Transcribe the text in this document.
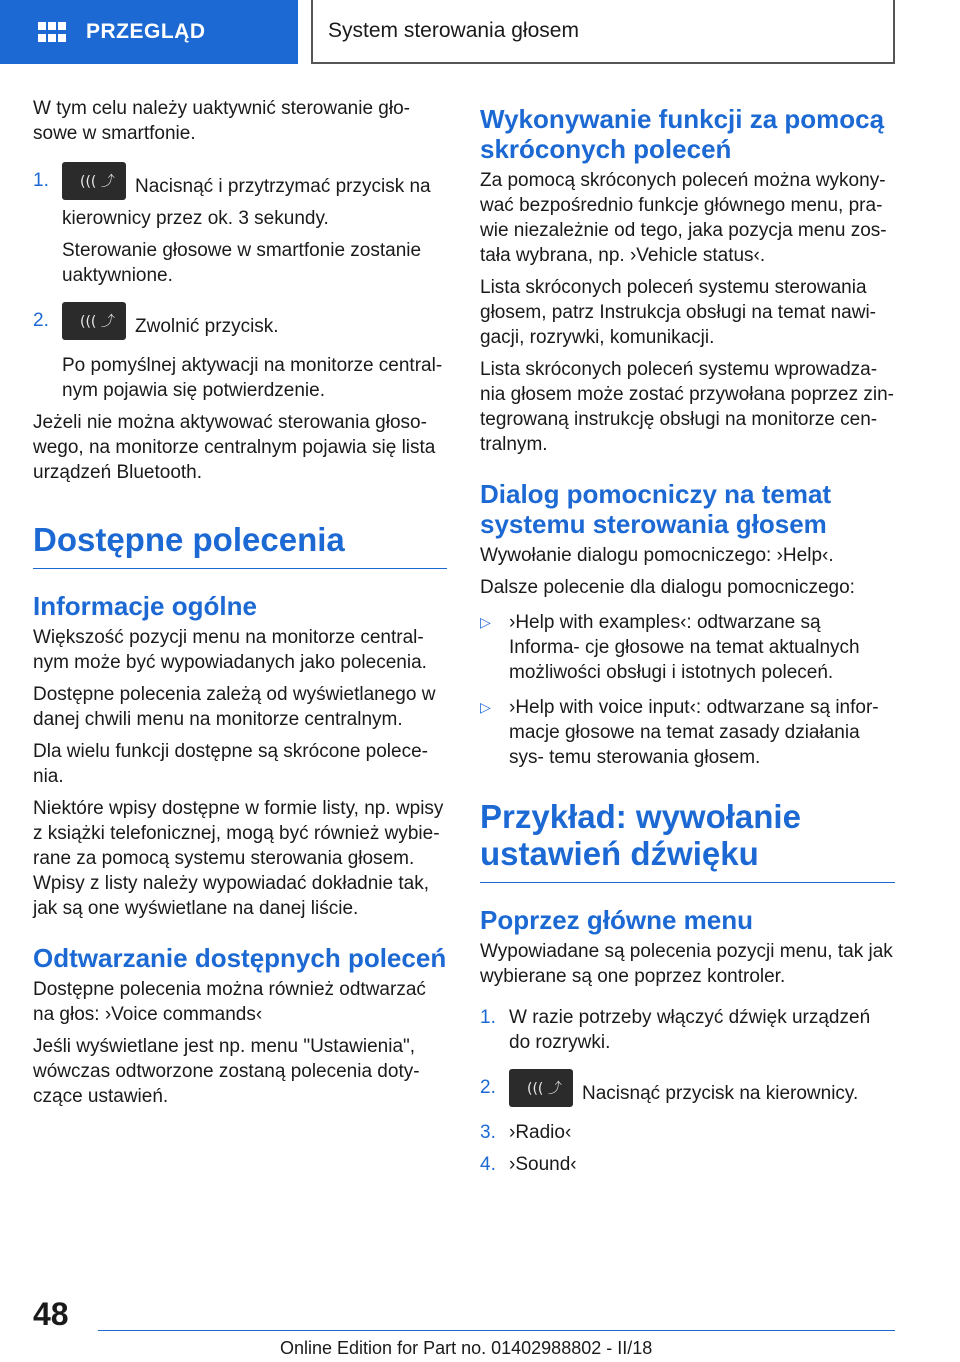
PRZEGLĄD	System sterowania głosem

W tym celu należy uaktywnić sterowanie gło- sowe w smartfonie.

1. ((( ⤴ Nacisnąć i przytrzymać przycisk na kierownicy przez ok. 3 sekundy.
Sterowanie głosowe w smartfonie zostanie uaktywnione.
2. ((( ⤴ Zwolnić przycisk.
Po pomyślnej aktywacji na monitorze central- nym pojawia się potwierdzenie.

Jeżeli nie można aktywować sterowania głoso- wego, na monitorze centralnym pojawia się lista urządzeń Bluetooth.

Dostępne polecenia
Informacje ogólne

Większość pozycji menu na monitorze central- nym może być wypowiadanych jako polecenia.

Dostępne polecenia zależą od wyświetlanego w danej chwili menu na monitorze centralnym.

Dla wielu funkcji dostępne są skrócone polece- nia.

Niektóre wpisy dostępne w formie listy, np. wpisy z książki telefonicznej, mogą być również wybie- rane za pomocą systemu sterowania głosem. Wpisy z listy należy wypowiadać dokładnie tak, jak są one wyświetlane na danej liście.

Odtwarzanie dostępnych poleceń

Dostępne polecenia można również odtwarzać na głos: ›Voice commands‹

Jeśli wyświetlane jest np. menu "Ustawienia", wówczas odtworzone zostaną polecenia doty- czące ustawień.

Wykonywanie funkcji za pomocą skróconych poleceń

Za pomocą skróconych poleceń można wykony- wać bezpośrednio funkcje głównego menu, pra- wie niezależnie od tego, jaka pozycja menu zos- tała wybrana, np. ›Vehicle status‹.

Lista skróconych poleceń systemu sterowania głosem, patrz Instrukcja obsługi na temat nawi- gacji, rozrywki, komunikacji.

Lista skróconych poleceń systemu wprowadza- nia głosem może zostać przywołana poprzez zin- tegrowaną instrukcję obsługi na monitorze cen- tralnym.

Dialog pomocniczy na temat systemu sterowania głosem

Wywołanie dialogu pomocniczego: ›Help‹.

Dalsze polecenie dla dialogu pomocniczego:

▷ ›Help with examples‹: odtwarzane są Informa- cje głosowe na temat aktualnych możliwości obsługi i istotnych poleceń.
▷ ›Help with voice input‹: odtwarzane są infor- macje głosowe na temat zasady działania sys- temu sterowania głosem.
Przykład: wywołanie ustawień dźwięku
Poprzez główne menu

Wypowiadane są polecenia pozycji menu, tak jak wybierane są one poprzez kontroler.

1. W razie potrzeby włączyć dźwięk urządzeń do rozrywki.
2. ((( ⤴ Nacisnąć przycisk na kierownicy.
3. ›Radio‹
4. ›Sound‹
48
Online Edition for Part no. 01402988802 - II/18
